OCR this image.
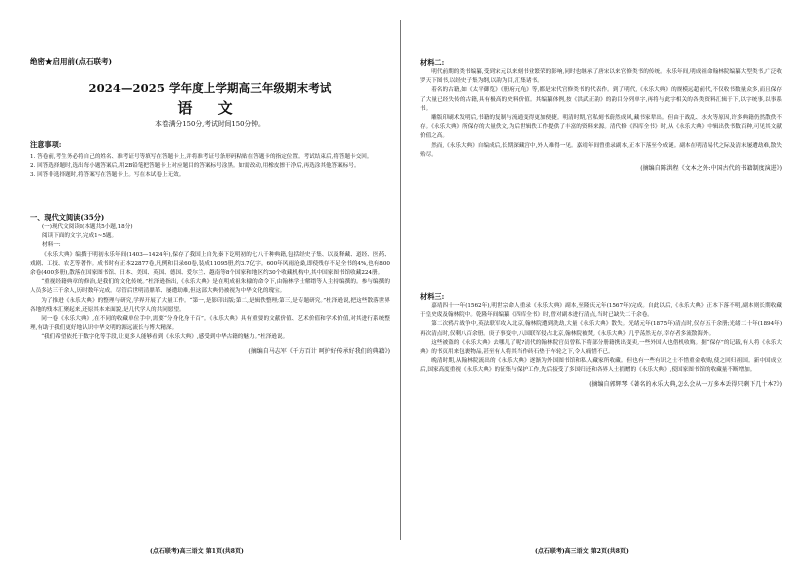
绝密★启用前(点石联考)
2024—2025 学年度上学期高三年级期末考试
语 文
本卷满分150分,考试时间150分钟。
注意事项:
1. 答卷前,考生务必将自己的姓名、准考证号等填写在答题卡上,并将准考证号条形码粘贴在答题卡的指定位置。考试结束后,将答题卡交回。
2. 回答选择题时,选出每小题答案后,用2B铅笔把答题卡上对应题目的答案标号涂黑。如需改动,用橡皮擦干净后,再选涂其他答案标号。
3. 回答非选择题时,将答案写在答题卡上。写在本试卷上无效。
一、现代文阅读(35分)
(一)现代文阅读Ⅰ(本题共5小题,18分)
阅读下面的文字,完成1~5题。
材料一:
《永乐大典》编撰于明初永乐年间(1403—1424年),保存了我国上自先秦下讫明初的七八千种典籍,包括经史子集、以及释藏、道经、医药、戏剧、工技、农艺等著作。成书时有正本22877卷,凡例和目录60卷,装成11095册,约3.7亿字。600年风雨沧桑,即使残存不足全书的4%,也有800余卷(400多册),散落在国家图书馆、日本、美国、英国、德国、爱尔兰、越南等8个国家和地区约30个收藏机构中,其中国家图书馆收藏224册。
“重视经籍典章的修治,是我们的文化传统。”杜泽逊指出,《永乐大典》是在明成祖朱棣的命令下,由翰林学士解缙等人主持编撰的。参与编撰的人员多达三千余人,历时数年完成。尽管后世明清鼎革、屡遭劫难,但这部大典仍被视为中华文化的瑰宝。
为了推进《永乐大典》的整理与研究,学界开展了大量工作。“第一,是影印出版;第二,是辑佚整理;第三,是专题研究。”杜泽逊说,把这些散落世界各地的残本汇聚起来,还原其本来面貌,是几代学人的共同愿望。
同一卷《永乐大典》,在不同的收藏单位手中,需要“分身化身千百”。《永乐大典》具有重要的文献价值、艺术价值和学术价值,对其进行系统整理,有助于我们更好地认识中华文明的源远流长与博大精深。
“我们希望依托于数字化等手段,让更多人能够看到《永乐大典》,感受到中华古籍的魅力。”杜泽逊说。
(摘编自马志军《千方百计 呵护好传承好我们的典籍》)
材料二:
明代前期的类书编纂,受到宋元以来刻书业繁荣的影响,同时也继承了唐宋以来官修类书的传统。永乐年间,明成祖命翰林院编纂大型类书,广泛收罗天下图书,以经史子集为纲,以韵为目,汇集诸书。
着名的古籍,如《太平御览》《册府元龟》等,都是宋代官修类书的代表作。到了明代,《永乐大典》的规模远超前代,不仅收书数量众多,而且保存了大量已经失传的古籍,具有极高的史料价值。其编纂体例,按《洪武正韵》的韵目分列单字,再将与此字相关的各类资料汇辑于下,以字统事,以事系书。
雕版印刷术发明后,书籍的复制与流通变得更加便捷。明清时期,官私刻书蔚然成风,藏书家辈出。但由于战乱、水火等原因,许多典籍仍然散佚不存。《永乐大典》所保存的大量佚文,为后世辑佚工作提供了丰富的资料来源。清代修《四库全书》时,从《永乐大典》中辑出佚书数百种,可见其文献价值之高。
然而,《永乐大典》自编成后,长期深藏宫中,外人难得一见。嘉靖年间曾重录副本,正本下落至今成谜。副本在明清易代之际及清末屡遭劫难,散失殆尽。
(摘编自陈洪程《文本之外:中国古代的书籍制度演进》)
材料三:
嘉靖四十一年(1562年),明世宗命人重录《永乐大典》副本,至隆庆元年(1567年)完成。自此以后,《永乐大典》正本下落不明,副本则长期收藏于皇史宬及翰林院中。乾隆年间编纂《四库全书》时,曾对副本进行清点,当时已缺失二千余卷。
第二次鸦片战争中,英法联军攻入北京,翰林院遭到洗劫,大量《永乐大典》散失。光绪元年(1875年)清点时,仅存五千余册;光绪二十年(1894年)再次清点时,仅剩八百余册。庚子事变中,八国联军侵占北京,翰林院被焚,《永乐大典》几乎荡然无存,幸存者多流散海外。
这些被盗的《永乐大典》去哪儿了呢?清代的翰林院官员曾私下将部分册籍携出变卖,一些外国人也借机收购。据“保存”的记载,有人将《永乐大典》的书页用来包裹物品,甚至有人将其当作砖石垫于车轮之下,令人痛惜不已。
晚清时期,从翰林院流出的《永乐大典》逐渐为外国图书馆和私人藏家所收藏。但也有一些有识之士不惜重金收购,使之回归祖国。新中国成立后,国家高度重视《永乐大典》的征集与保护工作,先后接受了多国归还和各界人士捐赠的《永乐大典》,使国家图书馆的收藏量不断增加。
(摘编自郭辉琴《著名的永乐大典,怎么会从一万多本丢得只剩下几十本?》)
(点石联考)高三语文 第1页(共8页)	(点石联考)高三语文 第2页(共8页)
